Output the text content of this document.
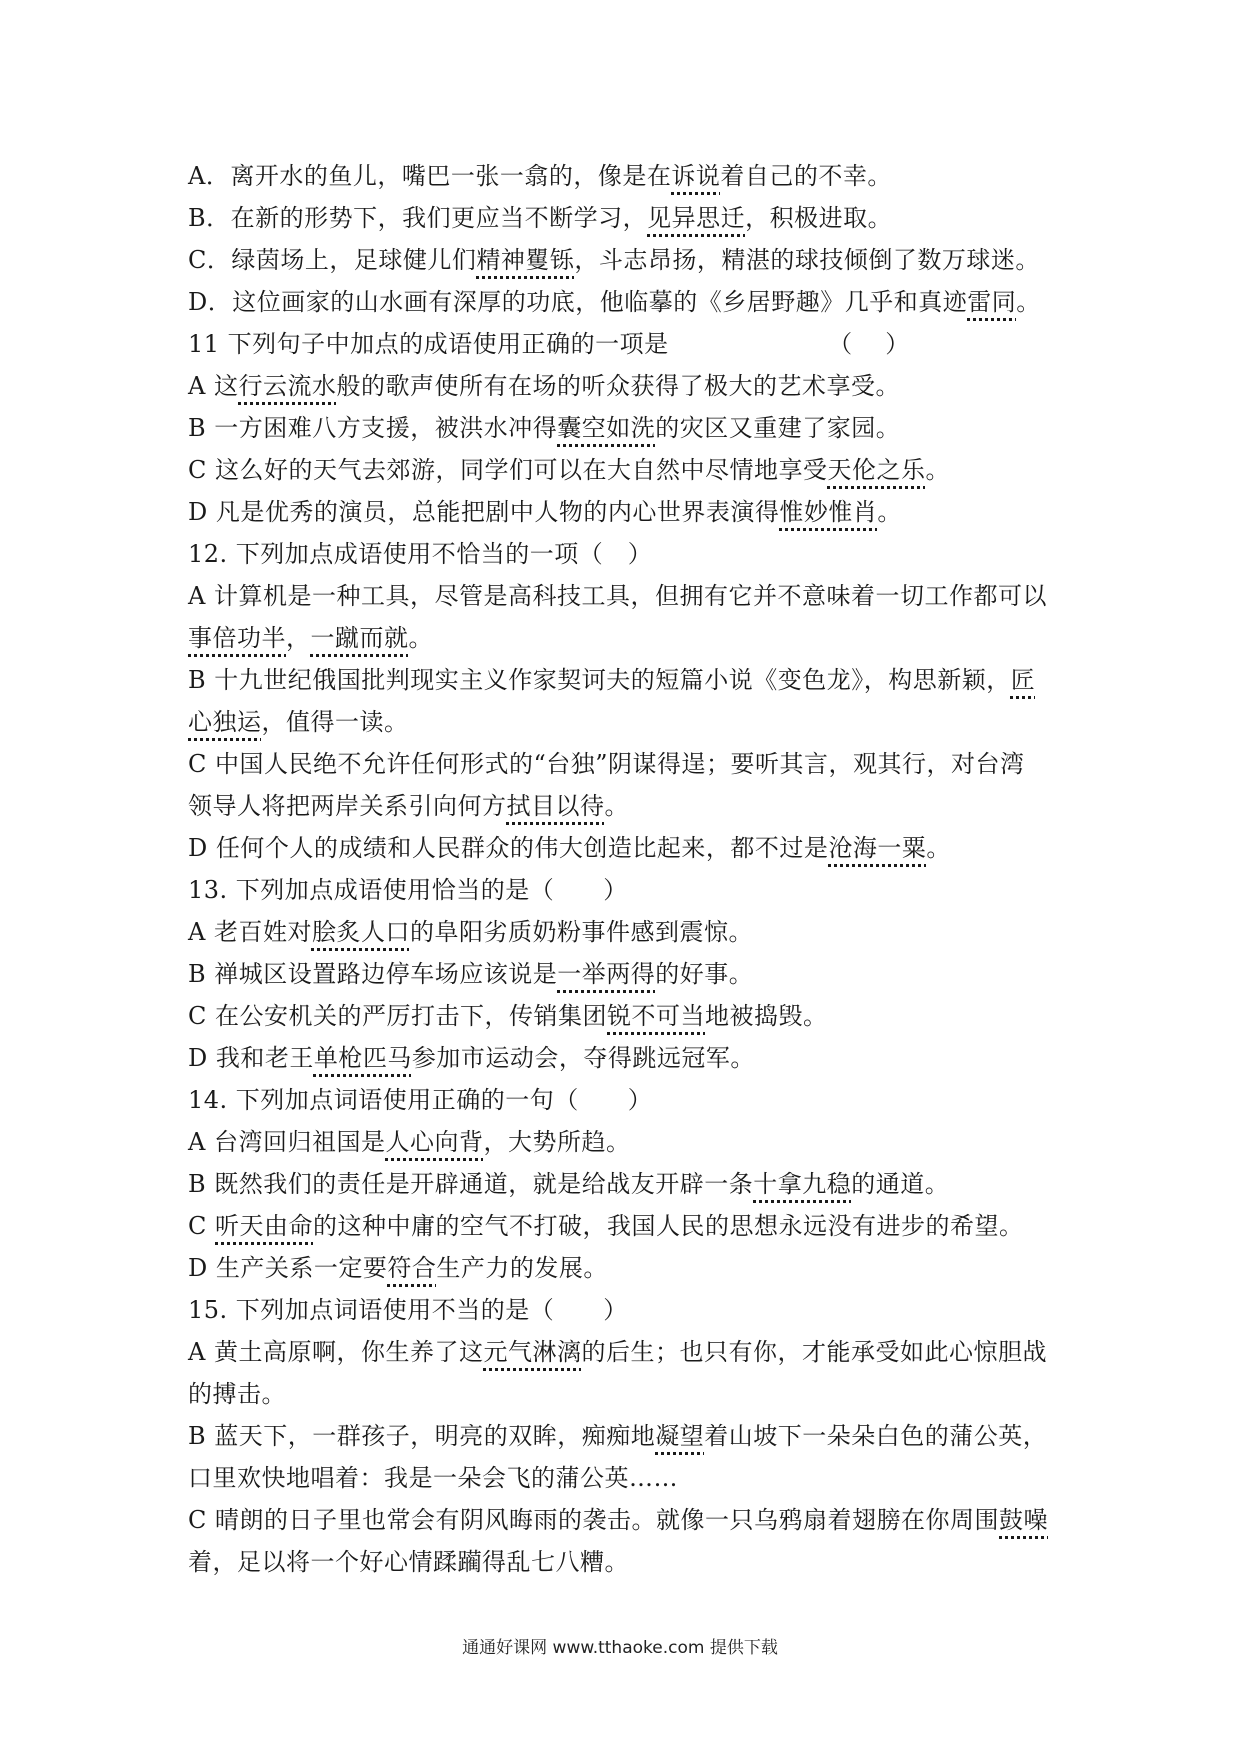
A．离开水的鱼儿，嘴巴一张一翕的，像是在诉说着自己的不幸。
B．在新的形势下，我们更应当不断学习，见异思迁，积极进取。
C．绿茵场上，足球健儿们精神矍铄，斗志昂扬，精湛的球技倾倒了数万球迷。
D．这位画家的山水画有深厚的功底，他临摹的《乡居野趣》几乎和真迹雷同。
11 下列句子中加点的成语使用正确的一项是　　　　　　　（　 ）
A 这行云流水般的歌声使所有在场的听众获得了极大的艺术享受。
B 一方困难八方支援，被洪水冲得囊空如洗的灾区又重建了家园。
C 这么好的天气去郊游，同学们可以在大自然中尽情地享受天伦之乐。
D 凡是优秀的演员，总能把剧中人物的内心世界表演得惟妙惟肖。
12. 下列加点成语使用不恰当的一项（　）
A 计算机是一种工具，尽管是高科技工具，但拥有它并不意味着一切工作都可以
事倍功半，一蹴而就。
B 十九世纪俄国批判现实主义作家契诃夫的短篇小说《变色龙》，构思新颖，匠
心独运，值得一读。
C 中国人民绝不允许任何形式的“台独”阴谋得逞；要听其言，观其行，对台湾
领导人将把两岸关系引向何方拭目以待。
D 任何个人的成绩和人民群众的伟大创造比起来，都不过是沧海一粟。
13. 下列加点成语使用恰当的是（　　）
A 老百姓对脍炙人口的阜阳劣质奶粉事件感到震惊。
B 禅城区设置路边停车场应该说是一举两得的好事。
C 在公安机关的严厉打击下，传销集团锐不可当地被捣毁。
D 我和老王单枪匹马参加市运动会，夺得跳远冠军。
14. 下列加点词语使用正确的一句（　　）
A 台湾回归祖国是人心向背，大势所趋。
B 既然我们的责任是开辟通道，就是给战友开辟一条十拿九稳的通道。
C 听天由命的这种中庸的空气不打破，我国人民的思想永远没有进步的希望。
D 生产关系一定要符合生产力的发展。
15. 下列加点词语使用不当的是（　　）
A 黄土高原啊，你生养了这元气淋漓的后生；也只有你，才能承受如此心惊胆战
的搏击。
B 蓝天下，一群孩子，明亮的双眸，痴痴地凝望着山坡下一朵朵白色的蒲公英，
口里欢快地唱着：我是一朵会飞的蒲公英……
C 晴朗的日子里也常会有阴风晦雨的袭击。就像一只乌鸦扇着翅膀在你周围鼓噪
着，足以将一个好心情蹂躏得乱七八糟。
通通好课网 www.tthaoke.com 提供下载
